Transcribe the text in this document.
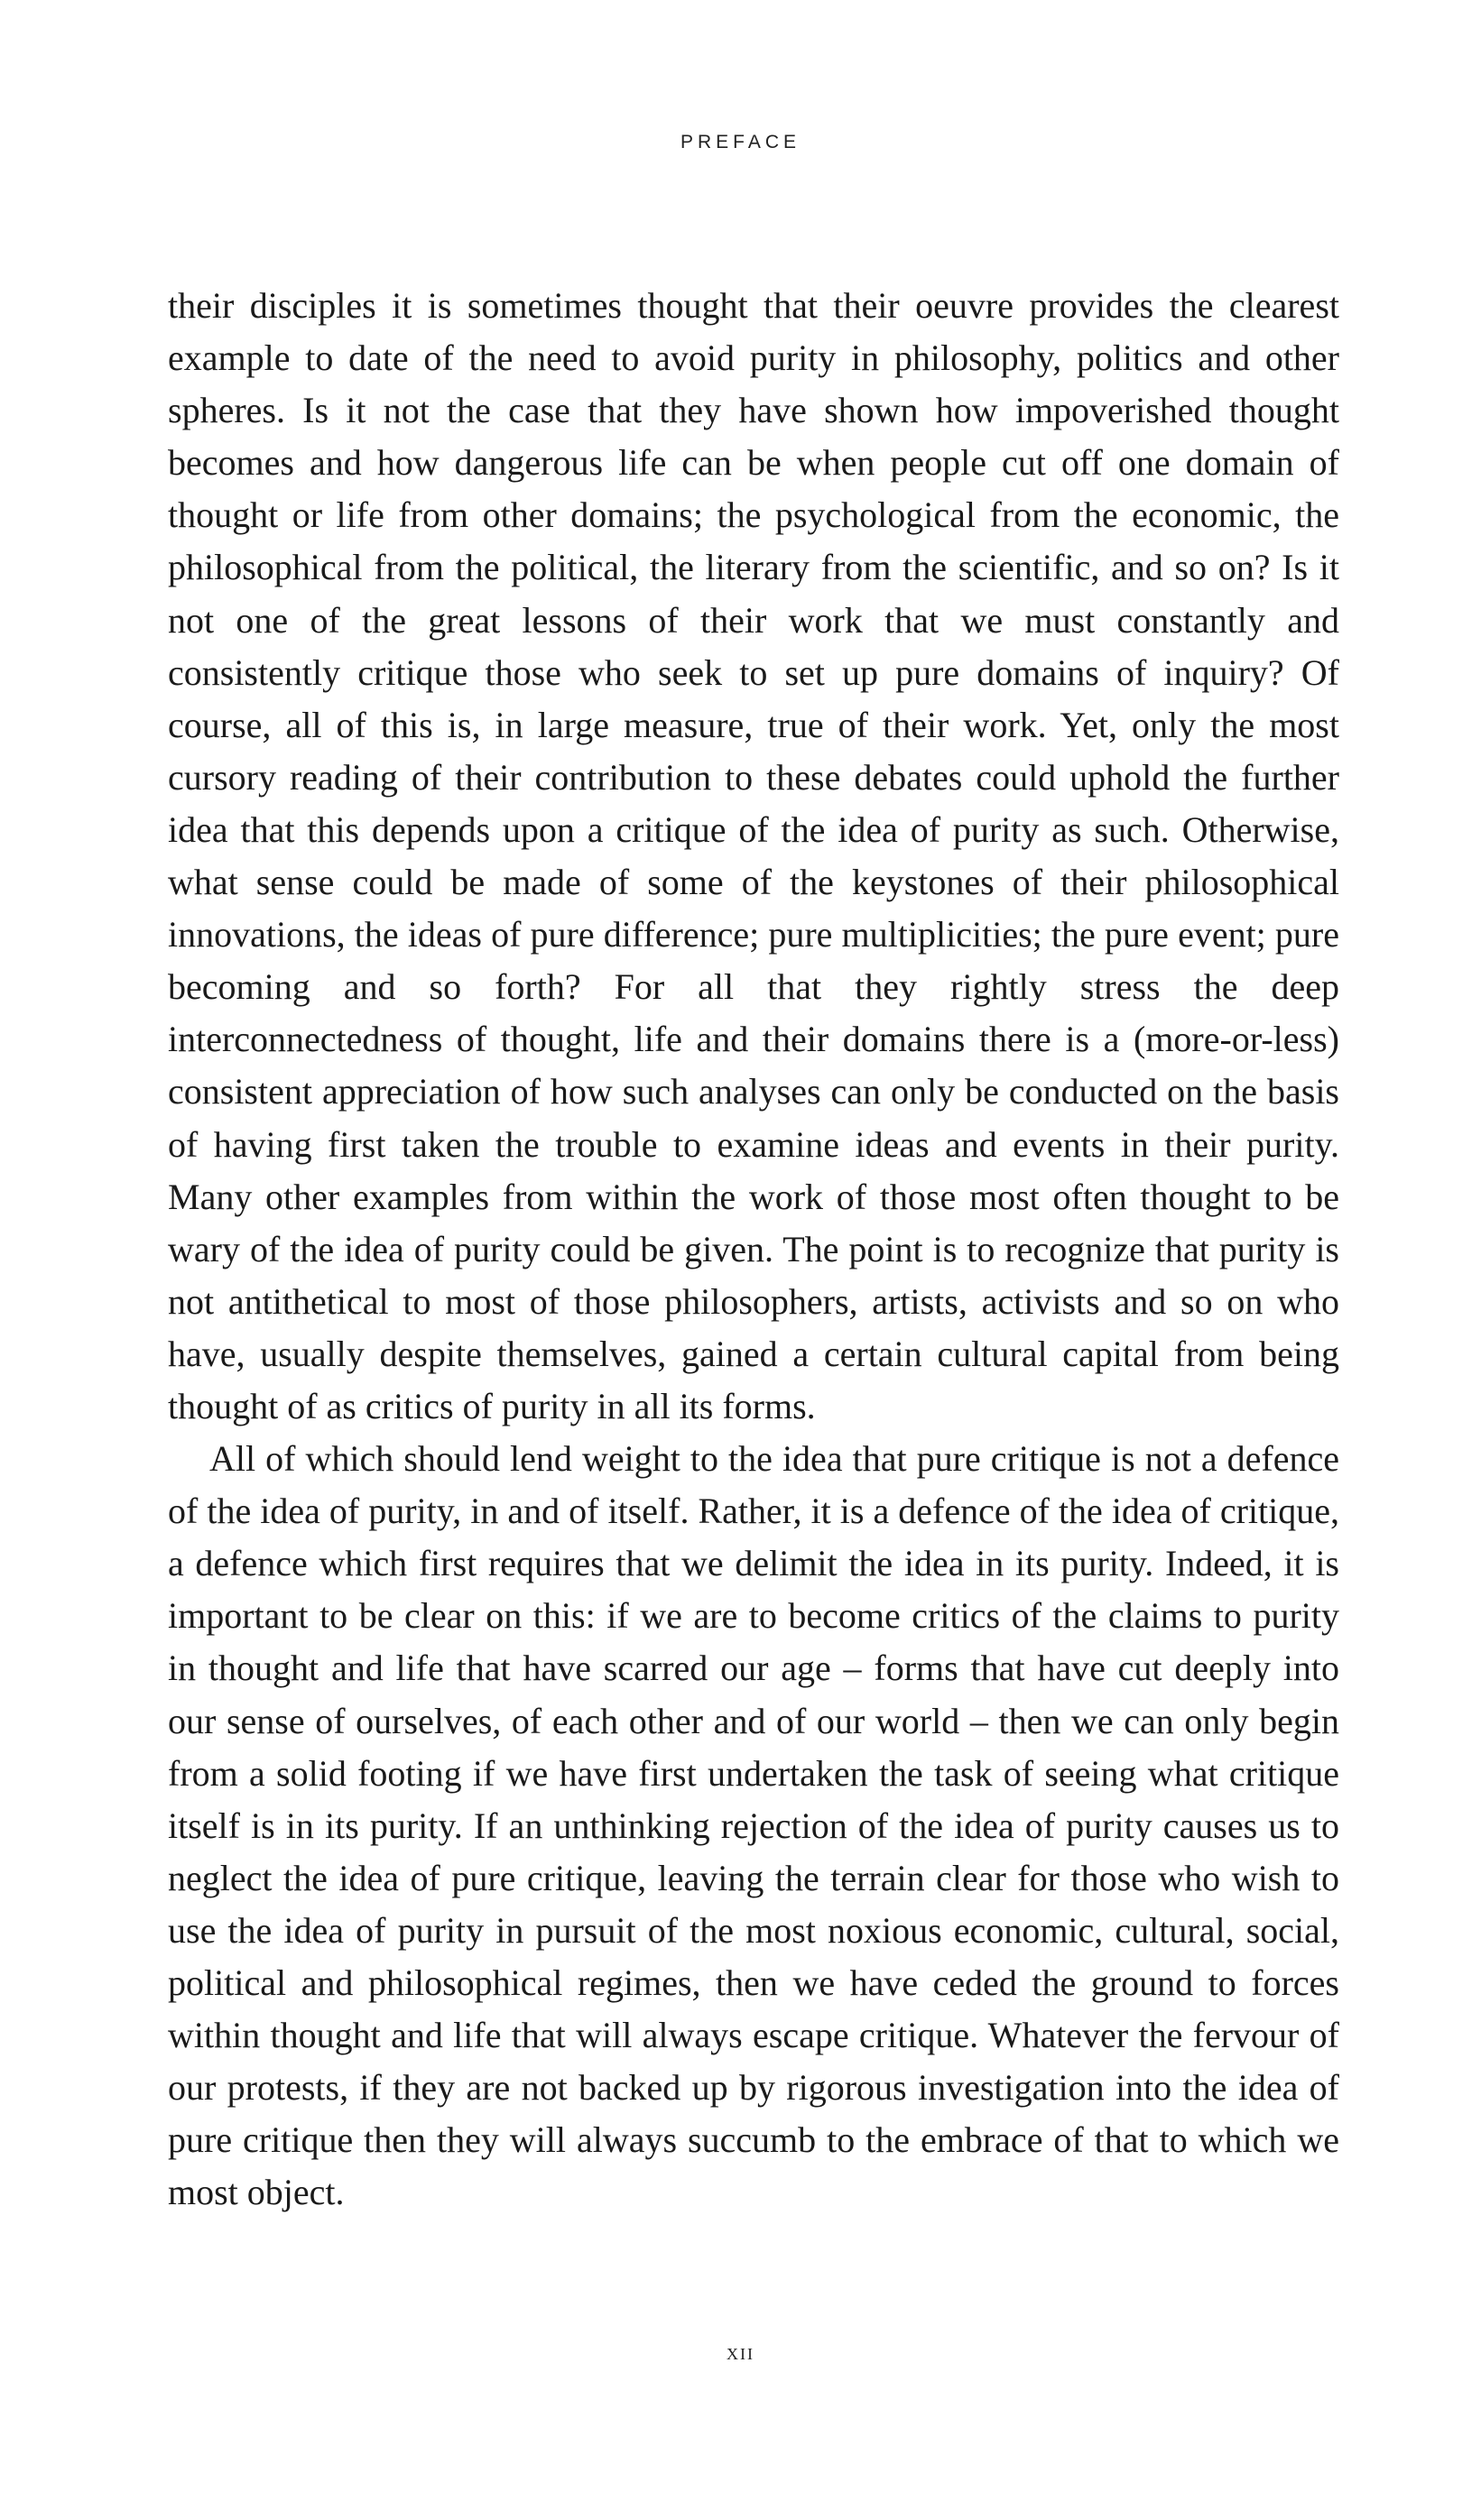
PREFACE

their disciples it is sometimes thought that their oeuvre provides the clearest example to date of the need to avoid purity in philosophy, politics and other spheres. Is it not the case that they have shown how impoverished thought becomes and how dangerous life can be when people cut off one domain of thought or life from other domains; the psychological from the economic, the philosophical from the political, the literary from the scientific, and so on? Is it not one of the great lessons of their work that we must constantly and consistently critique those who seek to set up pure domains of inquiry? Of course, all of this is, in large measure, true of their work. Yet, only the most cursory reading of their contribution to these debates could uphold the further idea that this depends upon a critique of the idea of purity as such. Otherwise, what sense could be made of some of the keystones of their philosophical innovations, the ideas of pure difference; pure multiplicities; the pure event; pure becoming and so forth? For all that they rightly stress the deep interconnectedness of thought, life and their domains there is a (more-or-less) consistent appreciation of how such analyses can only be conducted on the basis of having first taken the trouble to examine ideas and events in their purity. Many other examples from within the work of those most often thought to be wary of the idea of purity could be given. The point is to recognize that purity is not antithetical to most of those philosophers, artists, activists and so on who have, usually despite themselves, gained a certain cultural capital from being thought of as critics of purity in all its forms.

All of which should lend weight to the idea that pure critique is not a defence of the idea of purity, in and of itself. Rather, it is a defence of the idea of critique, a defence which first requires that we delimit the idea in its purity. Indeed, it is important to be clear on this: if we are to become critics of the claims to purity in thought and life that have scarred our age – forms that have cut deeply into our sense of ourselves, of each other and of our world – then we can only begin from a solid footing if we have first undertaken the task of seeing what critique itself is in its purity. If an unthinking rejection of the idea of purity causes us to neglect the idea of pure critique, leaving the terrain clear for those who wish to use the idea of purity in pursuit of the most noxious economic, cultural, social, political and philosophical regimes, then we have ceded the ground to forces within thought and life that will always escape critique. Whatever the fervour of our protests, if they are not backed up by rigorous investigation into the idea of pure critique then they will always succumb to the embrace of that to which we most object.

xii
